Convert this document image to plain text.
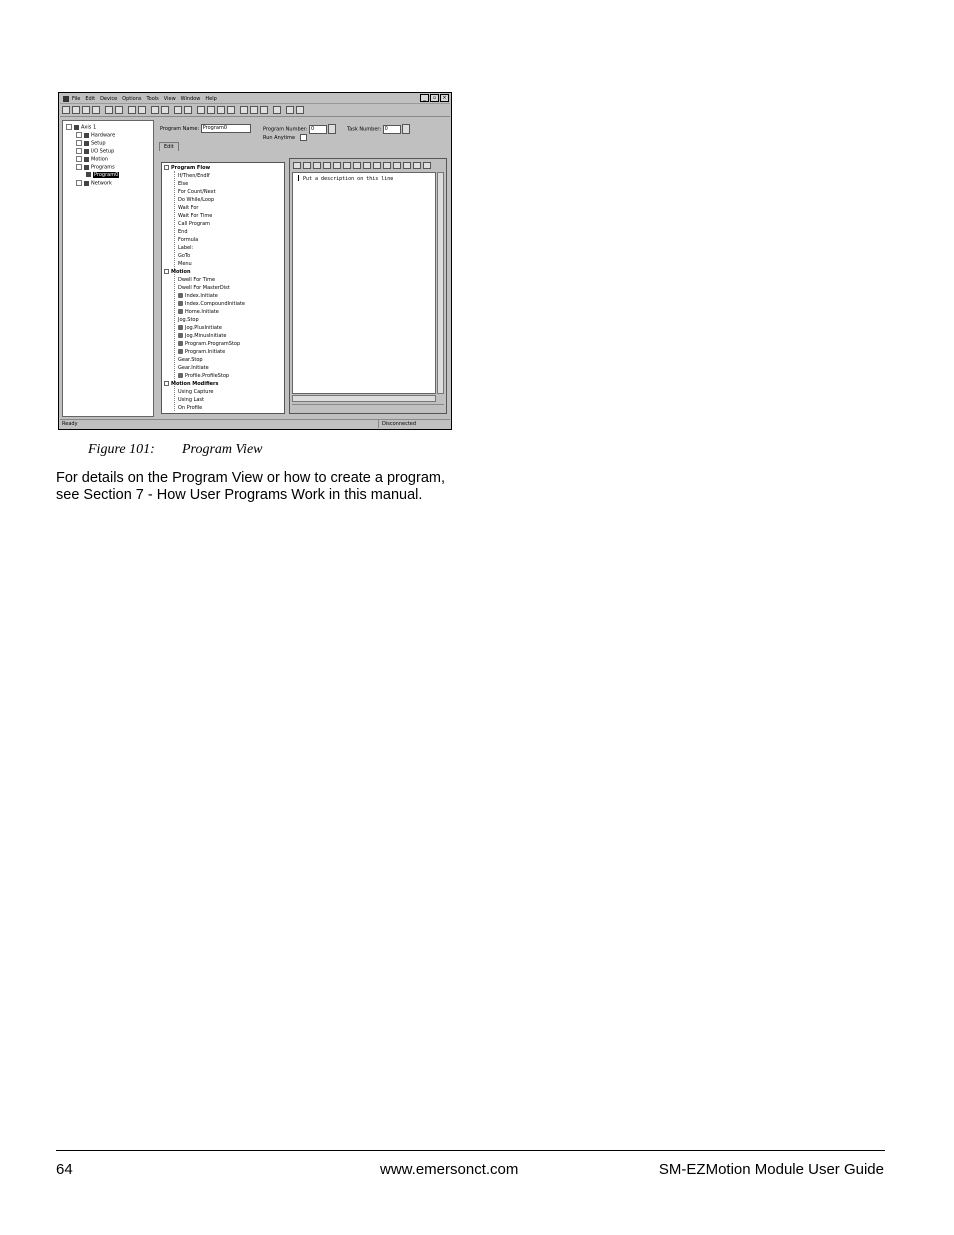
File Edit Device Options Tools View Window Help	_	▫	×
Axis 1
Hardware
Setup
I/O Setup
Motion
Programs
Program0
Network
Program Name: Program0	Program Number: 0	Task Number: 0
Run Anytime
Edit
Program Flow
If/Then/EndIf
Else
For Count/Next
Do While/Loop
Wait For
Wait For Time
Call Program
End
Formula
Label:
GoTo
Menu
Motion
Dwell For Time
Dwell For MasterDist
Index.Initiate
Index.CompoundInitiate
Home.Initiate
Jog.Stop
Jog.PlusInitiate
Jog.MinusInitiate
Program.ProgramStop
Program.Initiate
Gear.Stop
Gear.Initiate
Profile.ProfileStop
Motion Modifiers
Using Capture
Using Last
On Profile
Put a description on this line
Ready	Disconnected
Figure 101: Program View
For details on the Program View or how to create a program, see Section 7 - How User Programs Work in this manual.
64	www.emersonct.com	SM-EZMotion Module User Guide
